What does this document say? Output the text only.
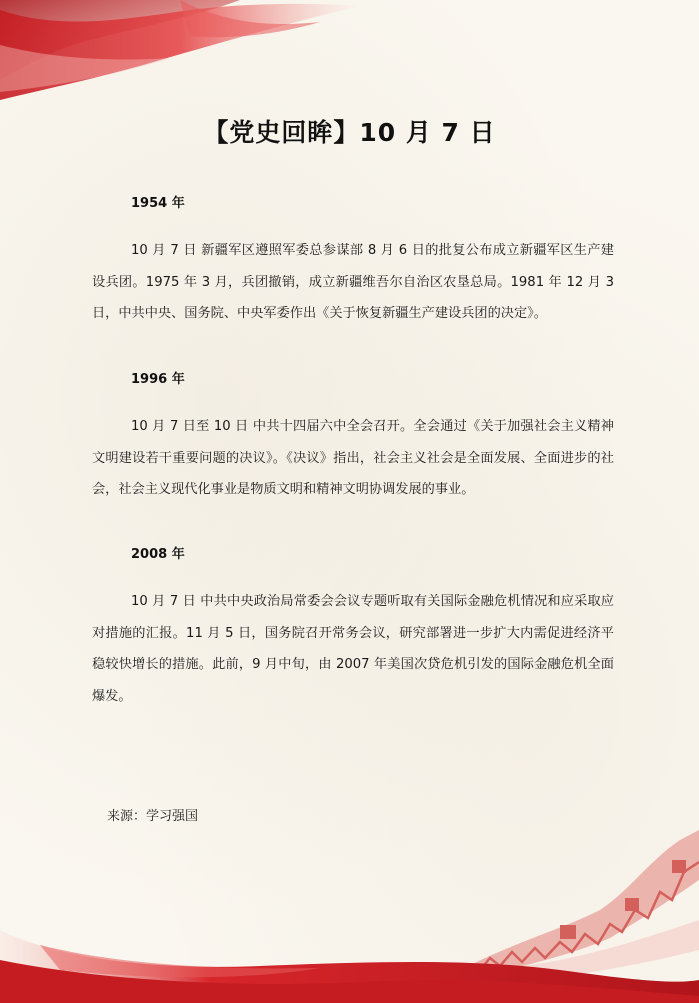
【党史回眸】10 月 7 日
1954 年

10 月 7 日 新疆军区遵照军委总参谋部 8 月 6 日的批复公布成立新疆军区生产建设兵团。1975 年 3 月，兵团撤销，成立新疆维吾尔自治区农垦总局。1981 年 12 月 3 日，中共中央、国务院、中央军委作出《关于恢复新疆生产建设兵团的决定》。

1996 年

10 月 7 日至 10 日 中共十四届六中全会召开。全会通过《关于加强社会主义精神文明建设若干重要问题的决议》。《决议》指出，社会主义社会是全面发展、全面进步的社会，社会主义现代化事业是物质文明和精神文明协调发展的事业。

2008 年

10 月 7 日 中共中央政治局常委会会议专题听取有关国际金融危机情况和应采取应对措施的汇报。11 月 5 日，国务院召开常务会议，研究部署进一步扩大内需促进经济平稳较快增长的措施。此前，9 月中旬，由 2007 年美国次贷危机引发的国际金融危机全面爆发。

来源：学习强国
